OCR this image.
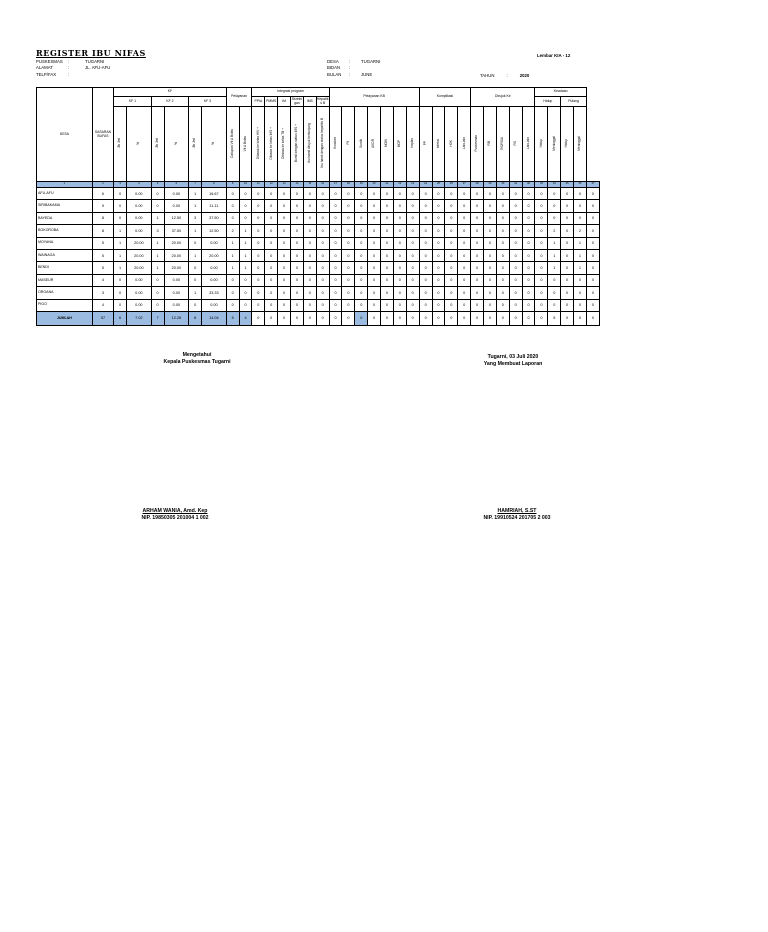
REGISTER IBU NIFAS	Lembar KIA - 12
PUSKESMAS :	TUGARNI
ALAMAT	:	JL. AFU-AFU
TELP/FAX	:
DESA :	TUGARNI
BIDAN :
BULAN :	JUNE	TAHUN	:	2020
DESA	SASARAN BUFAS	KF						Pelayanan		Integrasi program						Pelayanan KB							Komplikasi				Dirujuk Ke					Keadaan				
		KF 1		KF 2		KF 3				PPIA	PMMS	IM	Skrinin gan	IMS	Hepatiti s B																	Hidup		Pulang		
		Jlh Jml	%	Jlh Jml	%	Jlh Jml	%	Cakupan Vit A Bufas	Vit A Bufas	Dibawa ke kelas HIV +	Dibawa ke kelas IMS +	Dibawa ke kelas TB +	Bumil dengan status IMS +	Ibu hamil dirujuk berkunjung	Ibu hamil dengan status hepatitis B	Kondom	Pil	Suntik	AKDR	MOW	MOP	Implan	PP	Infeksi	HDK	Lain-lain	Puskesmas	RB	RS/RSIA	RS	Lain-lain	Hidup	Meninggal	Hidup	Meninggal	
1	2	3	4	5	6	7	8	9	10	11	12	13	14	15	16	17	18	19	20	21	22	23	24	25	26	27	28	29	30	31	32	33	34	35	36	37
AFU-AFU	6	0	0.00	0	0.00	1	16.67	0	0	0	0	0	0	0	0	0	0	0	0	0	0	0	0	0	0	0	0	0	0	0	0	0	0	0	0	0
SIRIBAKAMA	9	0	0.00	0	0.00	1	11.11	0	0	0	0	0	0	0	0	0	0	0	0	0	0	0	0	0	0	0	0	0	0	0	0	0	0	0	0	0
BAYEDA	8	0	0.00	1	12.50	3	37.50	0	0	0	0	0	0	0	0	0	0	0	0	0	0	0	0	0	0	0	0	0	0	0	0	0	0	0	0	0
BOKOROBA	8	1	0.00	3	37.50	1	12.50	2	1	0	0	0	0	0	0	0	0	0	0	0	0	0	0	0	0	0	0	0	0	0	0	0	2	0	2	0
MOYANA	5	1	20.00	1	20.00	0	0.00	1	1	0	0	0	0	0	0	0	0	0	0	0	0	0	0	0	0	0	0	0	0	0	0	0	1	0	1	0
WAINAGA	5	1	20.00	1	20.00	1	20.00	1	1	0	0	0	0	0	0	0	0	0	0	0	0	0	0	0	0	0	0	0	0	0	0	0	1	0	1	0
BENDI	5	1	20.00	1	20.00	0	0.00	1	1	0	0	0	0	0	0	0	0	0	0	0	0	0	0	0	0	0	0	0	0	0	0	0	1	0	1	0
MASEUR	4	0	0.00	0	0.00	0	0.00	0	0	0	0	0	0	0	0	0	0	0	0	0	0	0	0	0	0	0	0	0	0	0	0	0	0	0	0	0
ORGANA	3	0	0.00	0	0.00	1	33.33	0	0	0	0	0	0	0	0	0	0	0	0	0	0	0	0	0	0	0	0	0	0	0	0	0	0	0	0	0
PIGO	4	0	0.00	0	0.00	0	0.00	0	0	0	0	0	0	0	0	0	0	0	0	0	0	0	0	0	0	0	0	0	0	0	0	0	0	0	0	0
JUMLAH	57	6	7.02	7	12.28	8	14.04	5	4	0	0	0	0	0	0	0	0	0	0	0	0	0	0	0	0	0	0	0	0	0	0	0	5	0	5	0
Mengetahui
Kepala Puskesmas Tugarni
ARHAM WANIA, Amd. Kep
NIP. 19850305 201004 1 002
Tugarni, 03 Juli 2020
Yang Membuat Laporan
HAMRIAH, S.ST
NIP. 19910524 201705 2 003
